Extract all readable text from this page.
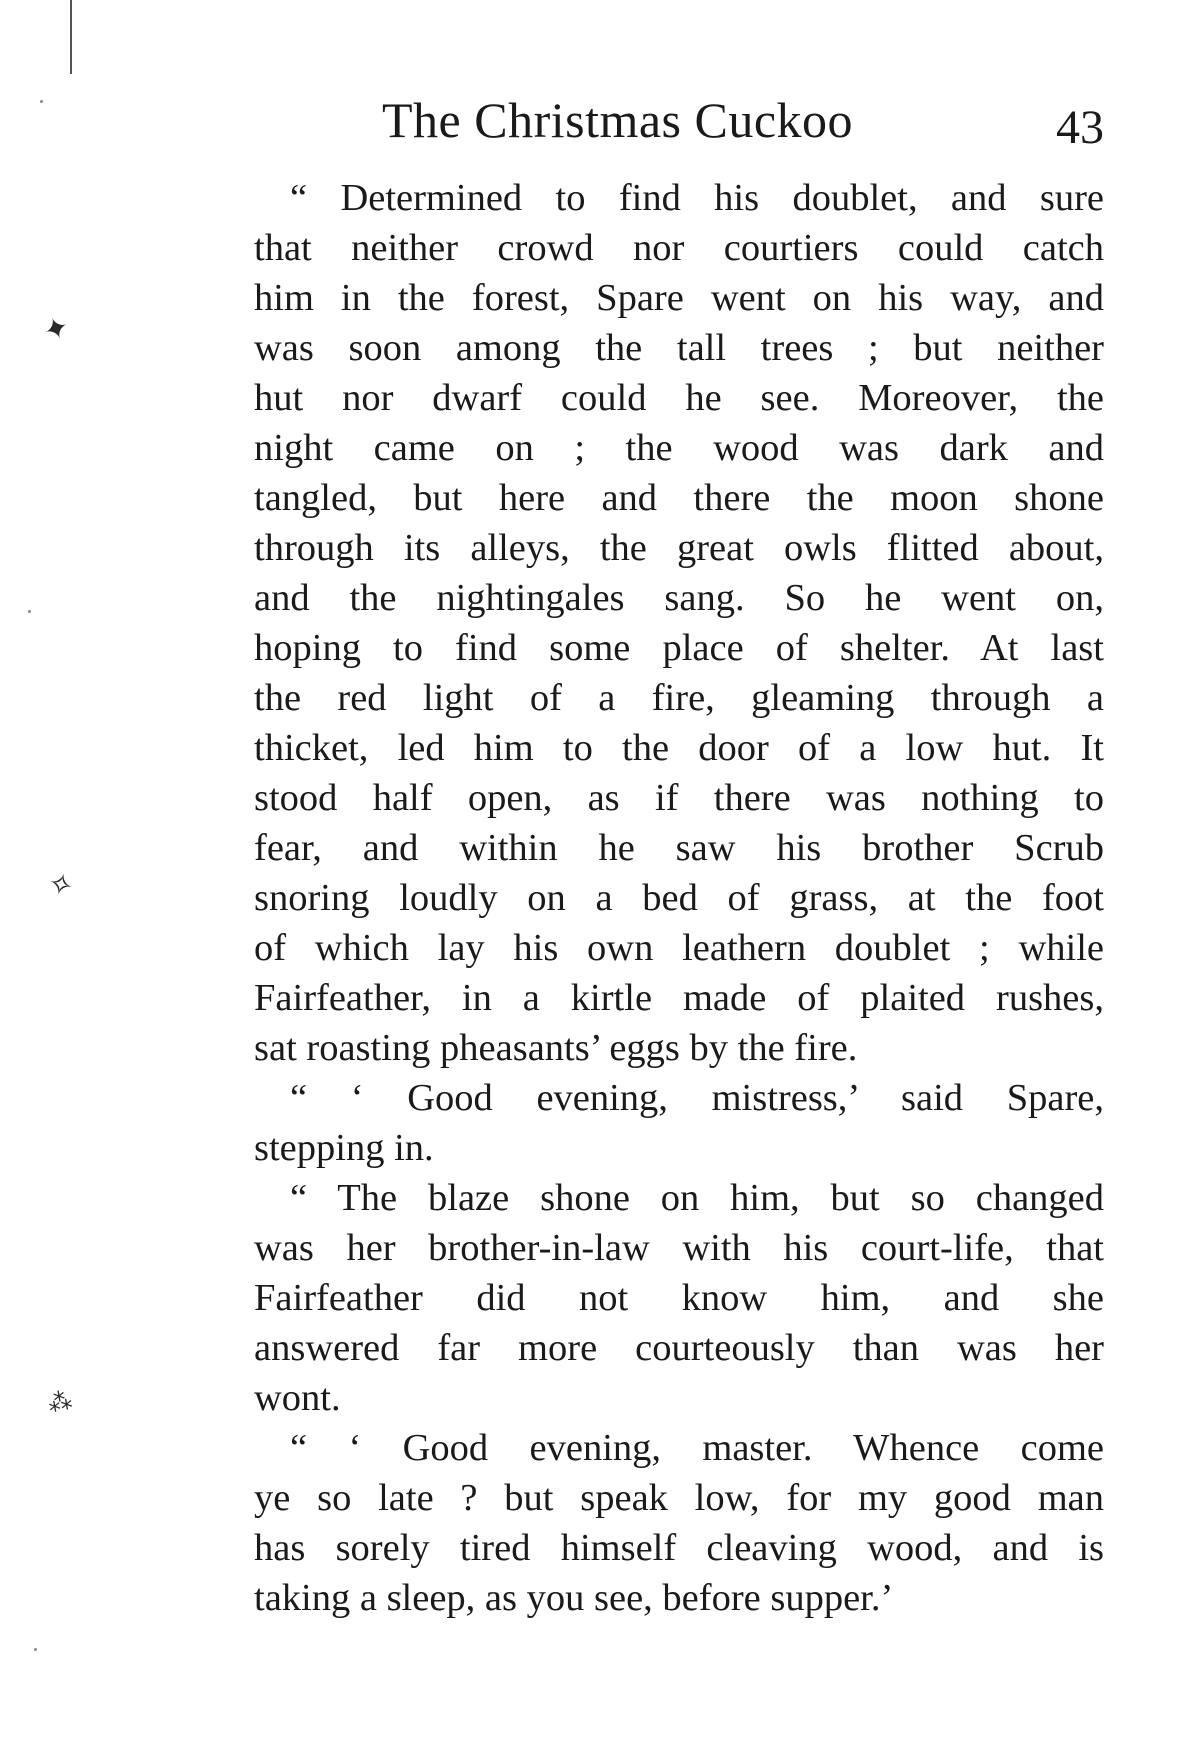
✦
✧
⁂
The Christmas Cuckoo	43
“ Determined to find his doublet, and sure
that neither crowd nor courtiers could catch
him in the forest, Spare went on his way, and
was soon among the tall trees ; but neither
hut nor dwarf could he see. Moreover, the
night came on ; the wood was dark and
tangled, but here and there the moon shone
through its alleys, the great owls flitted about,
and the nightingales sang. So he went on,
hoping to find some place of shelter. At last
the red light of a fire, gleaming through a
thicket, led him to the door of a low hut. It
stood half open, as if there was nothing to
fear, and within he saw his brother Scrub
snoring loudly on a bed of grass, at the foot
of which lay his own leathern doublet ; while
Fairfeather, in a kirtle made of plaited rushes,
sat roasting pheasants’ eggs by the fire.
“ ‘ Good evening, mistress,’ said Spare,
stepping in.
“ The blaze shone on him, but so changed
was her brother-in-law with his court-life, that
Fairfeather did not know him, and she
answered far more courteously than was her
wont.
“ ‘ Good evening, master. Whence come
ye so late ? but speak low, for my good man
has sorely tired himself cleaving wood, and is
taking a sleep, as you see, before supper.’
